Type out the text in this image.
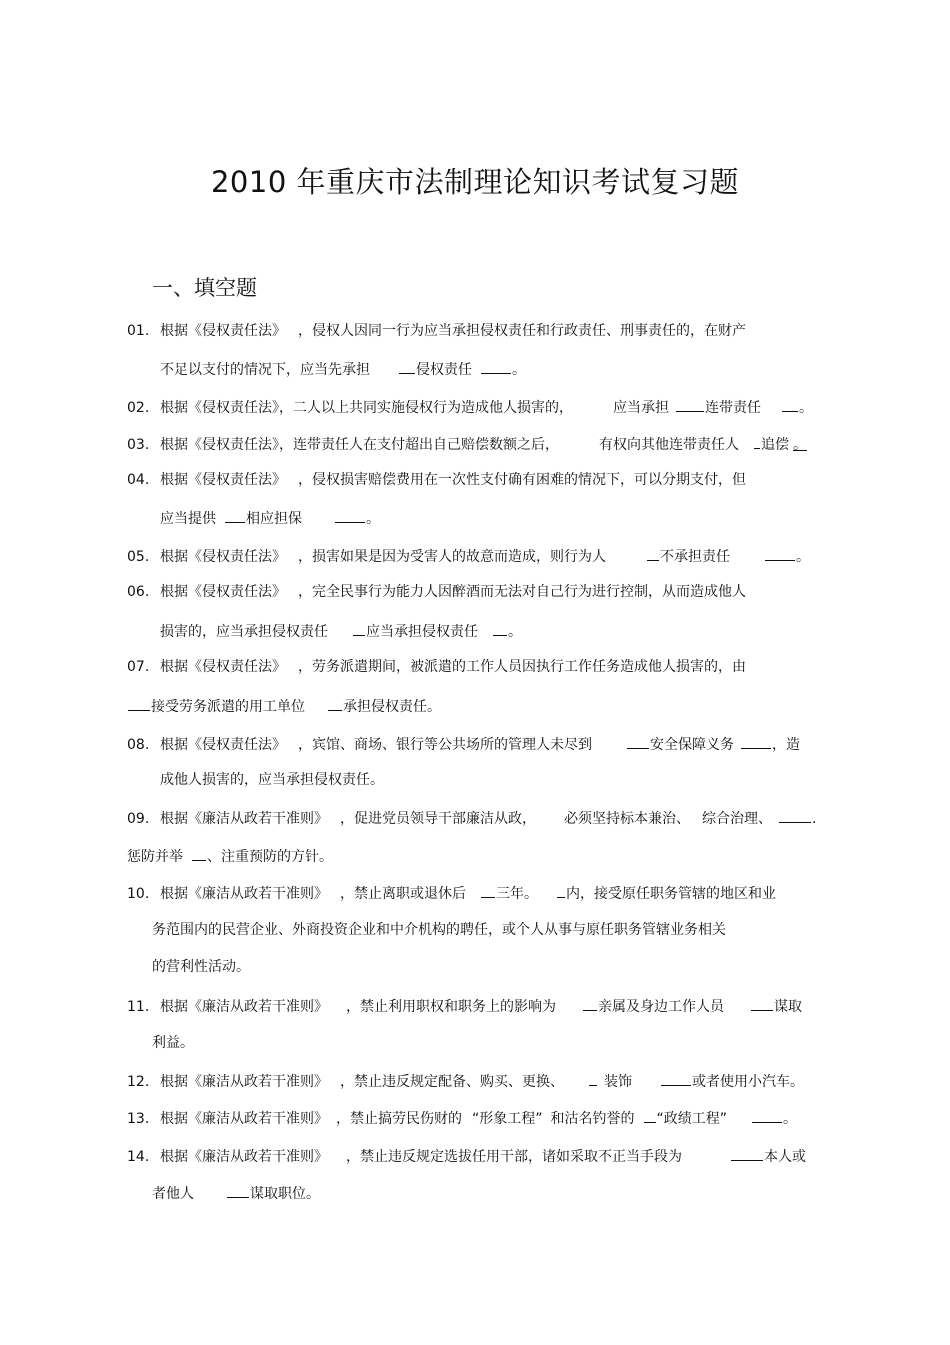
2010 年重庆市法制理论知识考试复习题
一、填空题
01. 根据《侵权责任法》 ，侵权人因同一行为应当承担侵权责任和行政责任、刑事责任的，在财产
不足以支付的情况下，应当先承担	侵权责任	。
02. 根据《侵权责任法》，二人以上共同实施侵权行为造成他人损害的，	应当承担	连带责任	。
03. 根据《侵权责任法》，连带责任人在支付超出自己赔偿数额之后，	有权向其他连带责任人 追偿 。
04. 根据《侵权责任法》 ，侵权损害赔偿费用在一次性支付确有困难的情况下，可以分期支付，但
应当提供 相应担保	。
05. 根据《侵权责任法》 ，损害如果是因为受害人的故意而造成，则行为人	不承担责任	。
06. 根据《侵权责任法》 ，完全民事行为能力人因醉酒而无法对自己行为进行控制，从而造成他人
损害的，应当承担侵权责任	应当承担侵权责任 。
07. 根据《侵权责任法》 ，劳务派遣期间，被派遣的工作人员因执行工作任务造成他人损害的，由
接受劳务派遣的用工单位	承担侵权责任。
08. 根据《侵权责任法》 ，宾馆、商场、银行等公共场所的管理人未尽到	安全保障义务	，造
成他人损害的，应当承担侵权责任。
09. 根据《廉洁从政若干准则》 ，促进党员领导干部廉洁从政， 必须坚持标本兼治、 综合治理、	.
惩防并举 、注重预防的方针。
10. 根据《廉洁从政若干准则》 ，禁止离职或退休后 三年。 内，接受原任职务管辖的地区和业
务范围内的民营企业、外商投资企业和中介机构的聘任，或个人从事与原任职务管辖业务相关
的营利性活动。
11. 根据《廉洁从政若干准则》 ，禁止利用职权和职务上的影响为	亲属及身边工作人员	谋取
利益。
12. 根据《廉洁从政若干准则》 ，禁止违反规定配备、购买、更换、	装饰	或者使用小汽车。
13. 根据《廉洁从政若干准则》 ，禁止搞劳民伤财的 “形象工程” 和沽名钓誉的 “政绩工程”	。
14. 根据《廉洁从政若干准则》 ，禁止违反规定选拔任用干部，诸如采取不正当手段为	本人或
者他人	谋取职位。
